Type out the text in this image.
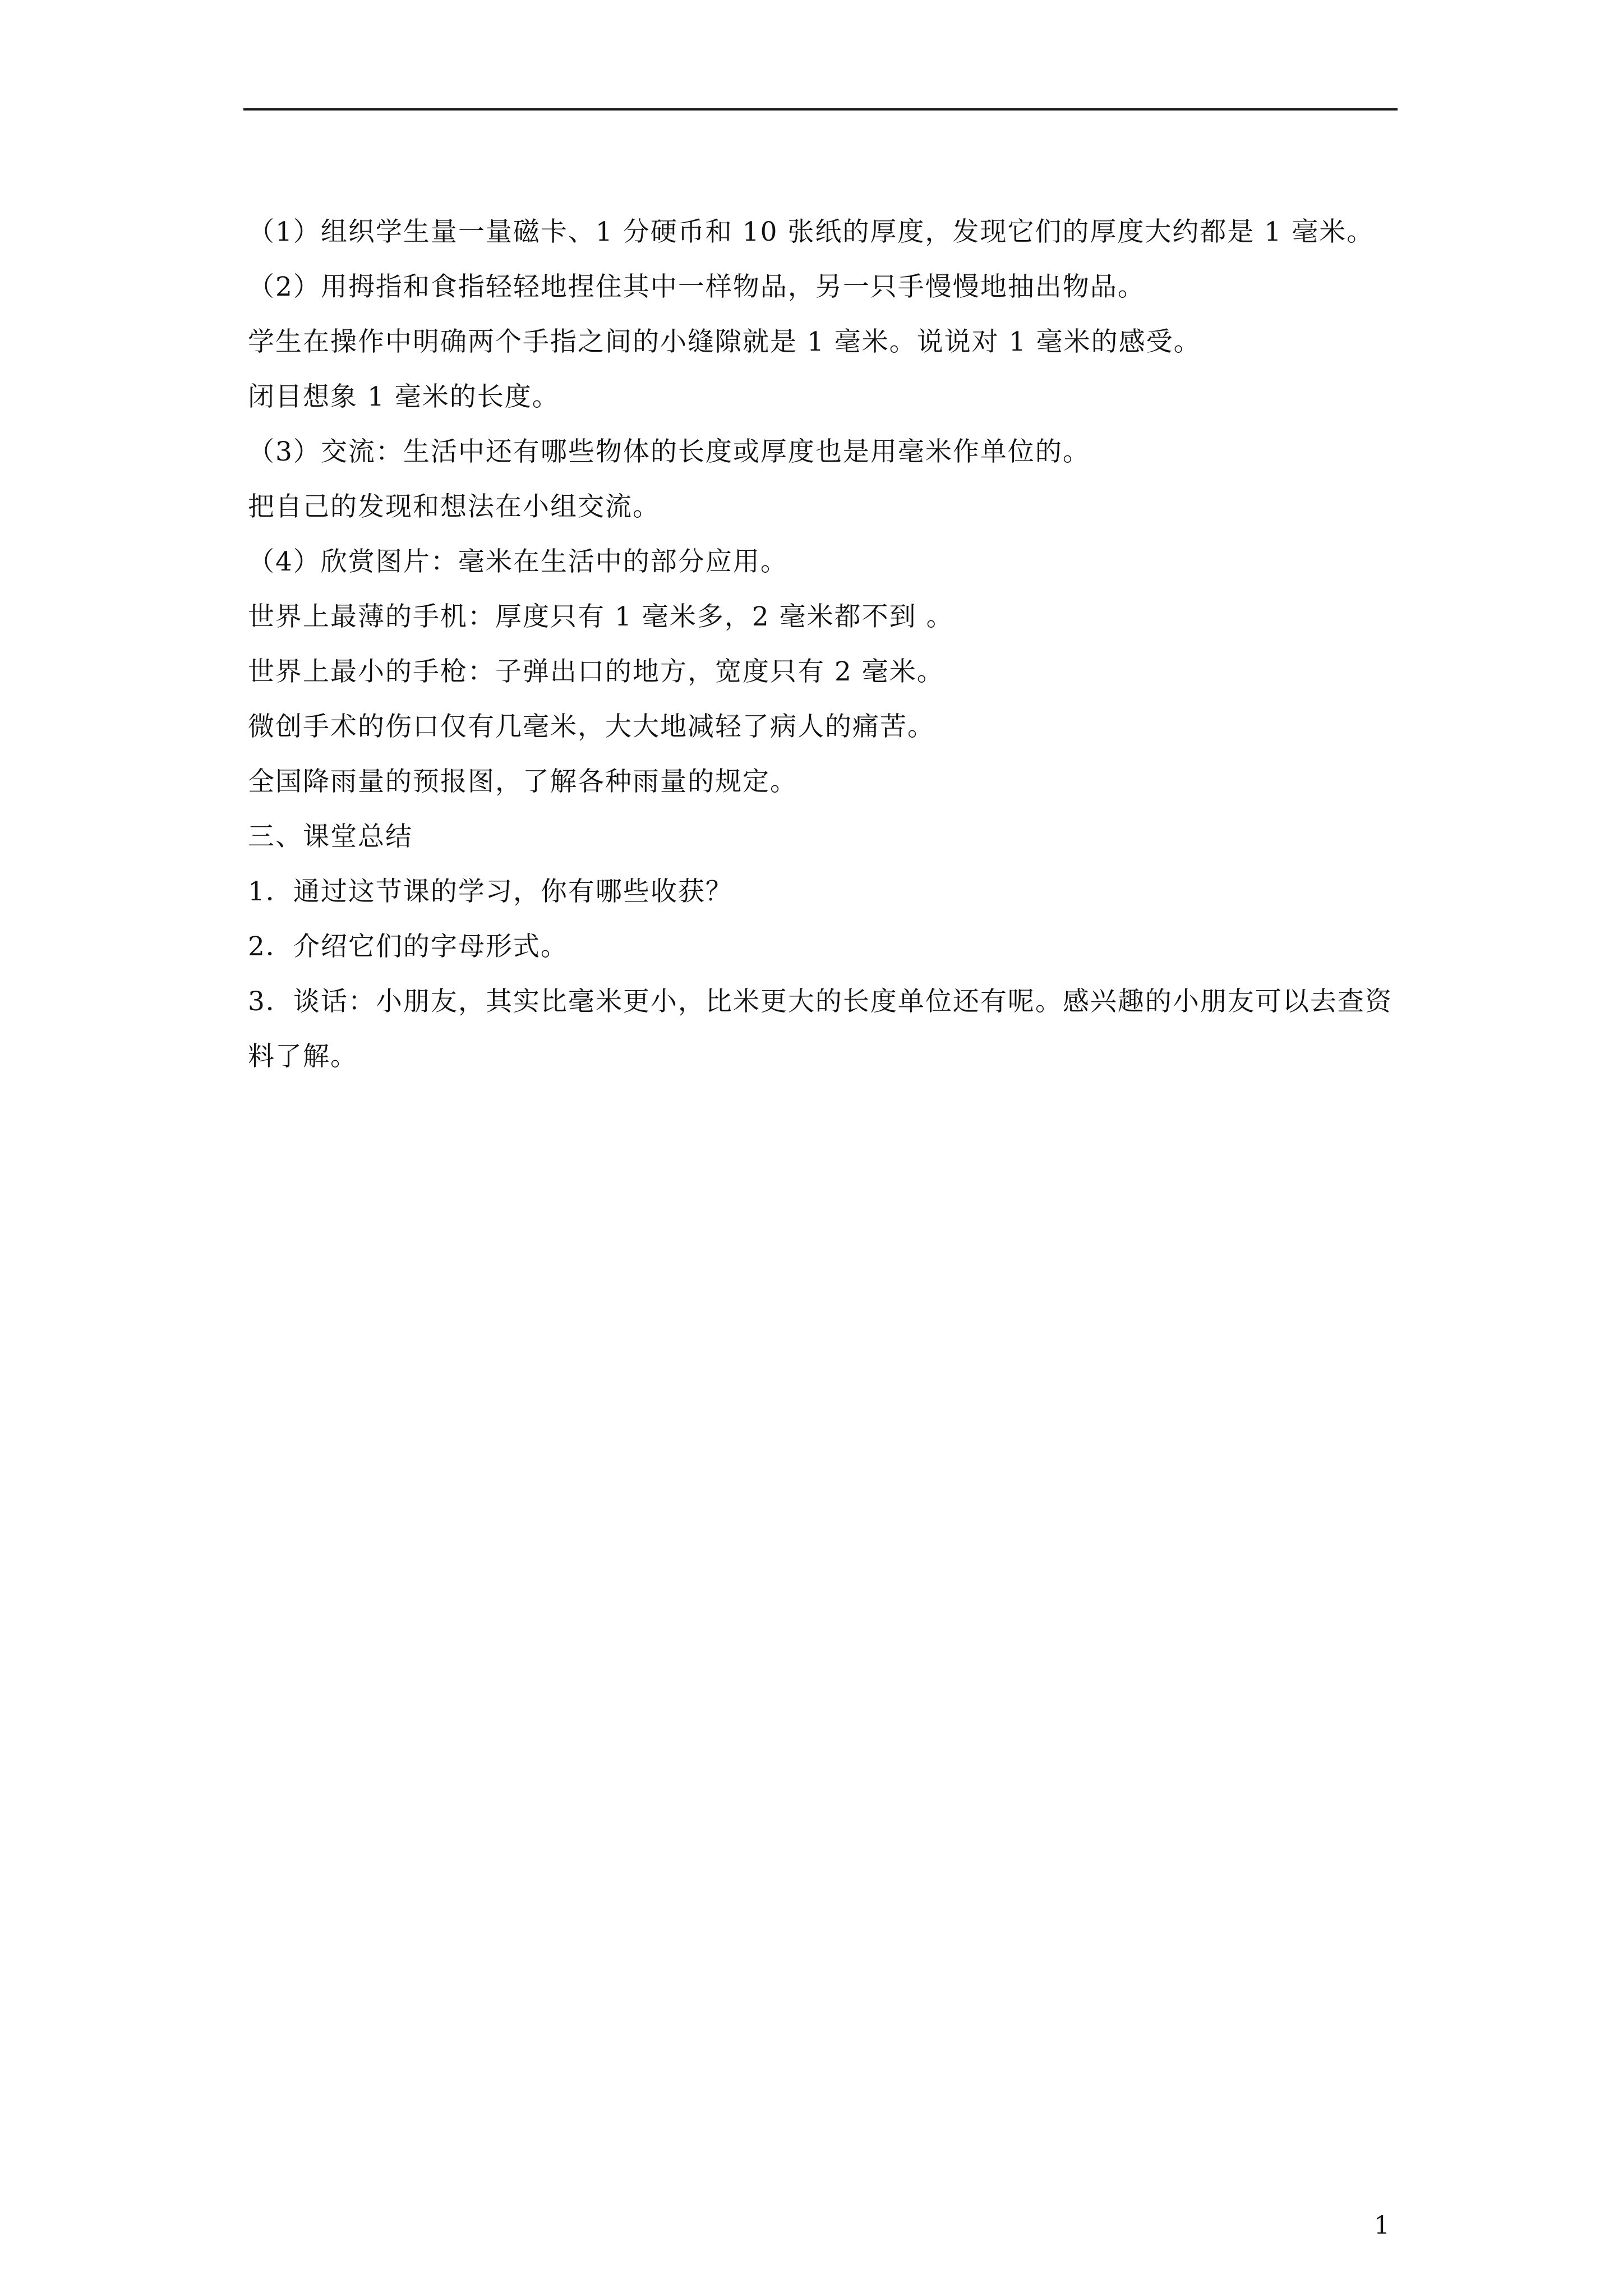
（1）组织学生量一量磁卡、1 分硬币和 10 张纸的厚度，发现它们的厚度大约都是 1 毫米。

（2）用拇指和食指轻轻地捏住其中一样物品，另一只手慢慢地抽出物品。

学生在操作中明确两个手指之间的小缝隙就是 1 毫米。说说对 1 毫米的感受。

闭目想象 1 毫米的长度。

（3）交流：生活中还有哪些物体的长度或厚度也是用毫米作单位的。

把自己的发现和想法在小组交流。

（4）欣赏图片：毫米在生活中的部分应用。

世界上最薄的手机：厚度只有 1 毫米多，2 毫米都不到 。

世界上最小的手枪：子弹出口的地方，宽度只有 2 毫米。

微创手术的伤口仅有几毫米，大大地减轻了病人的痛苦。

全国降雨量的预报图，了解各种雨量的规定。

三、课堂总结

1．通过这节课的学习，你有哪些收获？

2．介绍它们的字母形式。

3．谈话：小朋友，其实比毫米更小，比米更大的长度单位还有呢。感兴趣的小朋友可以去查资料了解。

1
